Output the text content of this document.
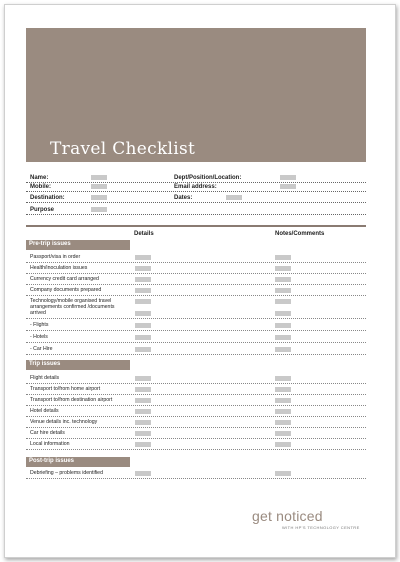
Travel Checklist
Name:	Dept/Position/Location:
Mobile:	Email address:
Destination:	Dates:
Purpose
Details	Notes/Comments
Pre-trip issues
Passport/visa in order
Health/inoculation issues
Currency credit card arranged
Company documents prepared
Technology/mobile organised travel arrangements confirmed /documents arrived
- Flights
- Hotels
- Car Hire
Trip issues
Flight details
Transport to/from home airport
Transport to/from destination airport
Hotel details
Venue details inc. technology
Car hire details
Local information
Post-trip issues
Debriefing – problems identified
get noticed
WITH HP'S TECHNOLOGY CENTRE
